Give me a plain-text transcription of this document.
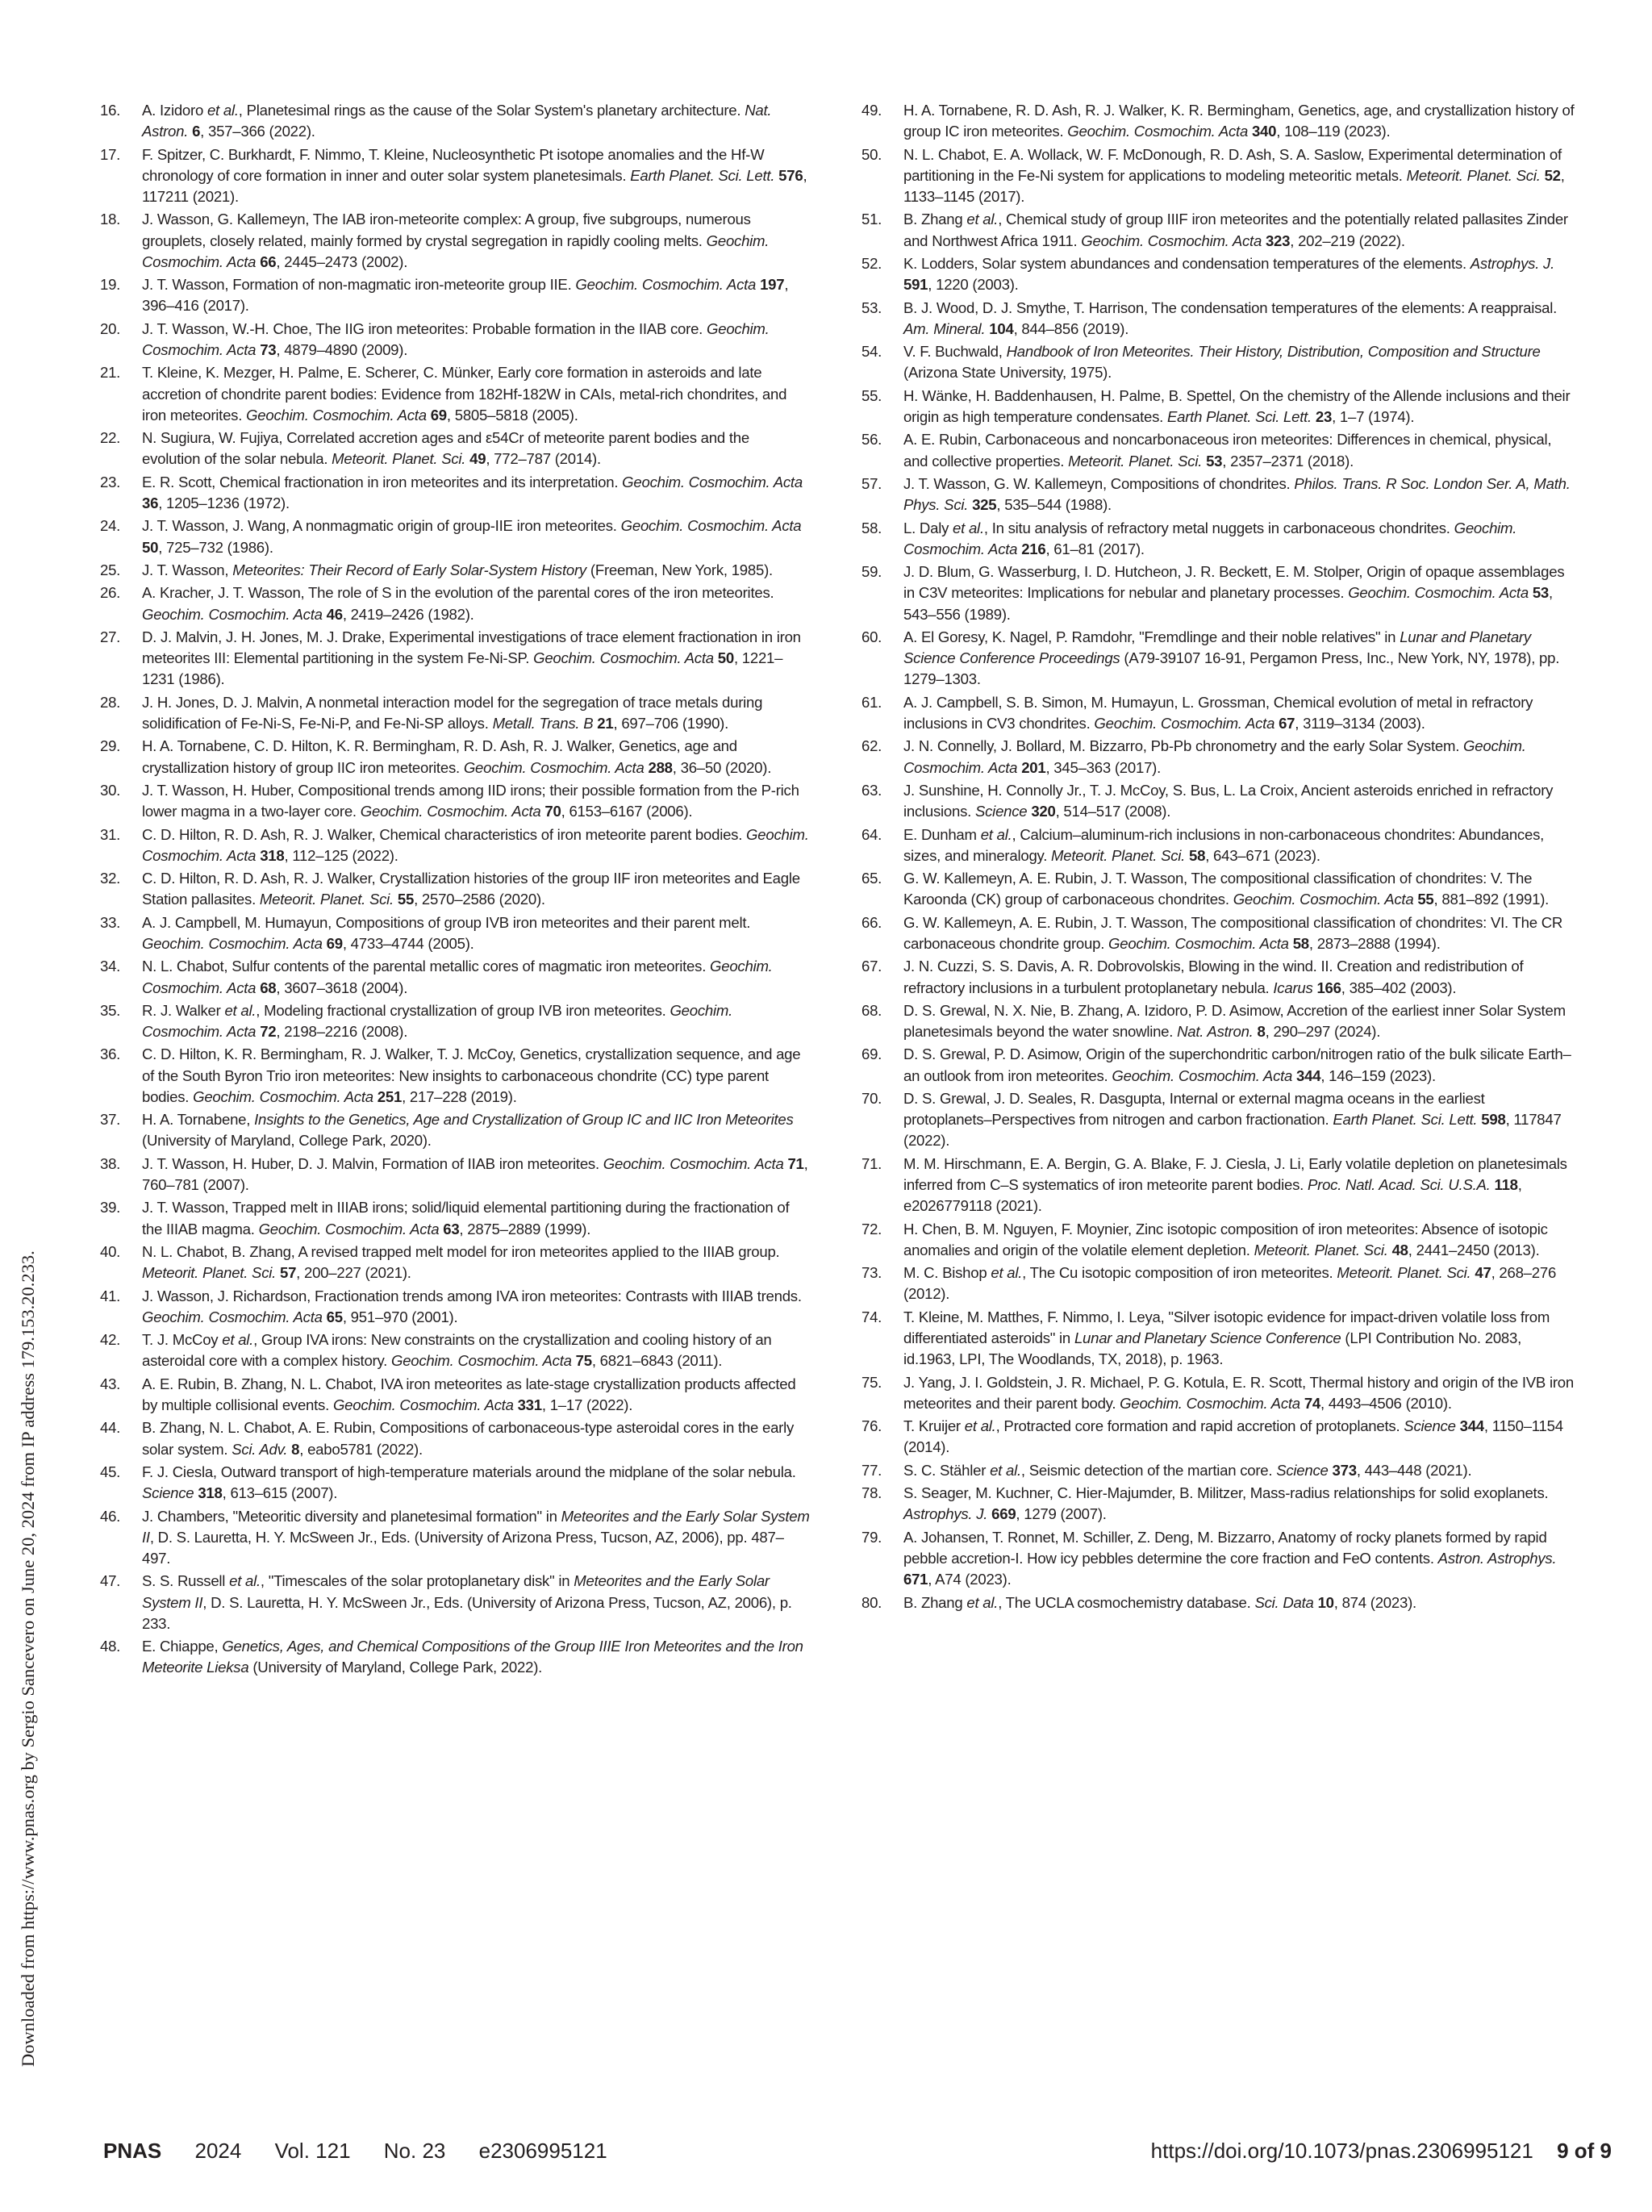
Downloaded from https://www.pnas.org by Sergio Sancevero on June 20, 2024 from IP address 179.153.20.233.
16. A. Izidoro et al., Planetesimal rings as the cause of the Solar System's planetary architecture. Nat. Astron. 6, 357–366 (2022).
17. F. Spitzer, C. Burkhardt, F. Nimmo, T. Kleine, Nucleosynthetic Pt isotope anomalies and the Hf-W chronology of core formation in inner and outer solar system planetesimals. Earth Planet. Sci. Lett. 576, 117211 (2021).
18. J. Wasson, G. Kallemeyn, The IAB iron-meteorite complex: A group, five subgroups, numerous grouplets, closely related, mainly formed by crystal segregation in rapidly cooling melts. Geochim. Cosmochim. Acta 66, 2445–2473 (2002).
19. J. T. Wasson, Formation of non-magmatic iron-meteorite group IIE. Geochim. Cosmochim. Acta 197, 396–416 (2017).
20. J. T. Wasson, W.-H. Choe, The IIG iron meteorites: Probable formation in the IIAB core. Geochim. Cosmochim. Acta 73, 4879–4890 (2009).
21. T. Kleine, K. Mezger, H. Palme, E. Scherer, C. Münker, Early core formation in asteroids and late accretion of chondrite parent bodies: Evidence from 182Hf-182W in CAIs, metal-rich chondrites, and iron meteorites. Geochim. Cosmochim. Acta 69, 5805–5818 (2005).
22. N. Sugiura, W. Fujiya, Correlated accretion ages and ε54Cr of meteorite parent bodies and the evolution of the solar nebula. Meteorit. Planet. Sci. 49, 772–787 (2014).
23. E. R. Scott, Chemical fractionation in iron meteorites and its interpretation. Geochim. Cosmochim. Acta 36, 1205–1236 (1972).
24. J. T. Wasson, J. Wang, A nonmagmatic origin of group-IIE iron meteorites. Geochim. Cosmochim. Acta 50, 725–732 (1986).
25. J. T. Wasson, Meteorites: Their Record of Early Solar-System History (Freeman, New York, 1985).
26. A. Kracher, J. T. Wasson, The role of S in the evolution of the parental cores of the iron meteorites. Geochim. Cosmochim. Acta 46, 2419–2426 (1982).
27. D. J. Malvin, J. H. Jones, M. J. Drake, Experimental investigations of trace element fractionation in iron meteorites III: Elemental partitioning in the system Fe-Ni-SP. Geochim. Cosmochim. Acta 50, 1221–1231 (1986).
28. J. H. Jones, D. J. Malvin, A nonmetal interaction model for the segregation of trace metals during solidification of Fe-Ni-S, Fe-Ni-P, and Fe-Ni-SP alloys. Metall. Trans. B 21, 697–706 (1990).
29. H. A. Tornabene, C. D. Hilton, K. R. Bermingham, R. D. Ash, R. J. Walker, Genetics, age and crystallization history of group IIC iron meteorites. Geochim. Cosmochim. Acta 288, 36–50 (2020).
30. J. T. Wasson, H. Huber, Compositional trends among IID irons; their possible formation from the P-rich lower magma in a two-layer core. Geochim. Cosmochim. Acta 70, 6153–6167 (2006).
31. C. D. Hilton, R. D. Ash, R. J. Walker, Chemical characteristics of iron meteorite parent bodies. Geochim. Cosmochim. Acta 318, 112–125 (2022).
32. C. D. Hilton, R. D. Ash, R. J. Walker, Crystallization histories of the group IIF iron meteorites and Eagle Station pallasites. Meteorit. Planet. Sci. 55, 2570–2586 (2020).
33. A. J. Campbell, M. Humayun, Compositions of group IVB iron meteorites and their parent melt. Geochim. Cosmochim. Acta 69, 4733–4744 (2005).
34. N. L. Chabot, Sulfur contents of the parental metallic cores of magmatic iron meteorites. Geochim. Cosmochim. Acta 68, 3607–3618 (2004).
35. R. J. Walker et al., Modeling fractional crystallization of group IVB iron meteorites. Geochim. Cosmochim. Acta 72, 2198–2216 (2008).
36. C. D. Hilton, K. R. Bermingham, R. J. Walker, T. J. McCoy, Genetics, crystallization sequence, and age of the South Byron Trio iron meteorites: New insights to carbonaceous chondrite (CC) type parent bodies. Geochim. Cosmochim. Acta 251, 217–228 (2019).
37. H. A. Tornabene, Insights to the Genetics, Age and Crystallization of Group IC and IIC Iron Meteorites (University of Maryland, College Park, 2020).
38. J. T. Wasson, H. Huber, D. J. Malvin, Formation of IIAB iron meteorites. Geochim. Cosmochim. Acta 71, 760–781 (2007).
39. J. T. Wasson, Trapped melt in IIIAB irons; solid/liquid elemental partitioning during the fractionation of the IIIAB magma. Geochim. Cosmochim. Acta 63, 2875–2889 (1999).
40. N. L. Chabot, B. Zhang, A revised trapped melt model for iron meteorites applied to the IIIAB group. Meteorit. Planet. Sci. 57, 200–227 (2021).
41. J. Wasson, J. Richardson, Fractionation trends among IVA iron meteorites: Contrasts with IIIAB trends. Geochim. Cosmochim. Acta 65, 951–970 (2001).
42. T. J. McCoy et al., Group IVA irons: New constraints on the crystallization and cooling history of an asteroidal core with a complex history. Geochim. Cosmochim. Acta 75, 6821–6843 (2011).
43. A. E. Rubin, B. Zhang, N. L. Chabot, IVA iron meteorites as late-stage crystallization products affected by multiple collisional events. Geochim. Cosmochim. Acta 331, 1–17 (2022).
44. B. Zhang, N. L. Chabot, A. E. Rubin, Compositions of carbonaceous-type asteroidal cores in the early solar system. Sci. Adv. 8, eabo5781 (2022).
45. F. J. Ciesla, Outward transport of high-temperature materials around the midplane of the solar nebula. Science 318, 613–615 (2007).
46. J. Chambers, "Meteoritic diversity and planetesimal formation" in Meteorites and the Early Solar System II, D. S. Lauretta, H. Y. McSween Jr., Eds. (University of Arizona Press, Tucson, AZ, 2006), pp. 487–497.
47. S. S. Russell et al., "Timescales of the solar protoplanetary disk" in Meteorites and the Early Solar System II, D. S. Lauretta, H. Y. McSween Jr., Eds. (University of Arizona Press, Tucson, AZ, 2006), p. 233.
48. E. Chiappe, Genetics, Ages, and Chemical Compositions of the Group IIIE Iron Meteorites and the Iron Meteorite Lieksa (University of Maryland, College Park, 2022).
49. H. A. Tornabene, R. D. Ash, R. J. Walker, K. R. Bermingham, Genetics, age, and crystallization history of group IC iron meteorites. Geochim. Cosmochim. Acta 340, 108–119 (2023).
50. N. L. Chabot, E. A. Wollack, W. F. McDonough, R. D. Ash, S. A. Saslow, Experimental determination of partitioning in the Fe-Ni system for applications to modeling meteoritic metals. Meteorit. Planet. Sci. 52, 1133–1145 (2017).
51. B. Zhang et al., Chemical study of group IIIF iron meteorites and the potentially related pallasites Zinder and Northwest Africa 1911. Geochim. Cosmochim. Acta 323, 202–219 (2022).
52. K. Lodders, Solar system abundances and condensation temperatures of the elements. Astrophys. J. 591, 1220 (2003).
53. B. J. Wood, D. J. Smythe, T. Harrison, The condensation temperatures of the elements: A reappraisal. Am. Mineral. 104, 844–856 (2019).
54. V. F. Buchwald, Handbook of Iron Meteorites. Their History, Distribution, Composition and Structure (Arizona State University, 1975).
55. H. Wänke, H. Baddenhausen, H. Palme, B. Spettel, On the chemistry of the Allende inclusions and their origin as high temperature condensates. Earth Planet. Sci. Lett. 23, 1–7 (1974).
56. A. E. Rubin, Carbonaceous and noncarbonaceous iron meteorites: Differences in chemical, physical, and collective properties. Meteorit. Planet. Sci. 53, 2357–2371 (2018).
57. J. T. Wasson, G. W. Kallemeyn, Compositions of chondrites. Philos. Trans. R Soc. London Ser. A, Math. Phys. Sci. 325, 535–544 (1988).
58. L. Daly et al., In situ analysis of refractory metal nuggets in carbonaceous chondrites. Geochim. Cosmochim. Acta 216, 61–81 (2017).
59. J. D. Blum, G. Wasserburg, I. D. Hutcheon, J. R. Beckett, E. M. Stolper, Origin of opaque assemblages in C3V meteorites: Implications for nebular and planetary processes. Geochim. Cosmochim. Acta 53, 543–556 (1989).
60. A. El Goresy, K. Nagel, P. Ramdohr, "Fremdlinge and their noble relatives" in Lunar and Planetary Science Conference Proceedings (A79-39107 16-91, Pergamon Press, Inc., New York, NY, 1978), pp. 1279–1303.
61. A. J. Campbell, S. B. Simon, M. Humayun, L. Grossman, Chemical evolution of metal in refractory inclusions in CV3 chondrites. Geochim. Cosmochim. Acta 67, 3119–3134 (2003).
62. J. N. Connelly, J. Bollard, M. Bizzarro, Pb-Pb chronometry and the early Solar System. Geochim. Cosmochim. Acta 201, 345–363 (2017).
63. J. Sunshine, H. Connolly Jr., T. J. McCoy, S. Bus, L. La Croix, Ancient asteroids enriched in refractory inclusions. Science 320, 514–517 (2008).
64. E. Dunham et al., Calcium–aluminum-rich inclusions in non-carbonaceous chondrites: Abundances, sizes, and mineralogy. Meteorit. Planet. Sci. 58, 643–671 (2023).
65. G. W. Kallemeyn, A. E. Rubin, J. T. Wasson, The compositional classification of chondrites: V. The Karoonda (CK) group of carbonaceous chondrites. Geochim. Cosmochim. Acta 55, 881–892 (1991).
66. G. W. Kallemeyn, A. E. Rubin, J. T. Wasson, The compositional classification of chondrites: VI. The CR carbonaceous chondrite group. Geochim. Cosmochim. Acta 58, 2873–2888 (1994).
67. J. N. Cuzzi, S. S. Davis, A. R. Dobrovolskis, Blowing in the wind. II. Creation and redistribution of refractory inclusions in a turbulent protoplanetary nebula. Icarus 166, 385–402 (2003).
68. D. S. Grewal, N. X. Nie, B. Zhang, A. Izidoro, P. D. Asimow, Accretion of the earliest inner Solar System planetesimals beyond the water snowline. Nat. Astron. 8, 290–297 (2024).
69. D. S. Grewal, P. D. Asimow, Origin of the superchondritic carbon/nitrogen ratio of the bulk silicate Earth–an outlook from iron meteorites. Geochim. Cosmochim. Acta 344, 146–159 (2023).
70. D. S. Grewal, J. D. Seales, R. Dasgupta, Internal or external magma oceans in the earliest protoplanets–Perspectives from nitrogen and carbon fractionation. Earth Planet. Sci. Lett. 598, 117847 (2022).
71. M. M. Hirschmann, E. A. Bergin, G. A. Blake, F. J. Ciesla, J. Li, Early volatile depletion on planetesimals inferred from C–S systematics of iron meteorite parent bodies. Proc. Natl. Acad. Sci. U.S.A. 118, e2026779118 (2021).
72. H. Chen, B. M. Nguyen, F. Moynier, Zinc isotopic composition of iron meteorites: Absence of isotopic anomalies and origin of the volatile element depletion. Meteorit. Planet. Sci. 48, 2441–2450 (2013).
73. M. C. Bishop et al., The Cu isotopic composition of iron meteorites. Meteorit. Planet. Sci. 47, 268–276 (2012).
74. T. Kleine, M. Matthes, F. Nimmo, I. Leya, "Silver isotopic evidence for impact-driven volatile loss from differentiated asteroids" in Lunar and Planetary Science Conference (LPI Contribution No. 2083, id.1963, LPI, The Woodlands, TX, 2018), p. 1963.
75. J. Yang, J. I. Goldstein, J. R. Michael, P. G. Kotula, E. R. Scott, Thermal history and origin of the IVB iron meteorites and their parent body. Geochim. Cosmochim. Acta 74, 4493–4506 (2010).
76. T. Kruijer et al., Protracted core formation and rapid accretion of protoplanets. Science 344, 1150–1154 (2014).
77. S. C. Stähler et al., Seismic detection of the martian core. Science 373, 443–448 (2021).
78. S. Seager, M. Kuchner, C. Hier-Majumder, B. Militzer, Mass-radius relationships for solid exoplanets. Astrophys. J. 669, 1279 (2007).
79. A. Johansen, T. Ronnet, M. Schiller, Z. Deng, M. Bizzarro, Anatomy of rocky planets formed by rapid pebble accretion-I. How icy pebbles determine the core fraction and FeO contents. Astron. Astrophys. 671, A74 (2023).
80. B. Zhang et al., The UCLA cosmochemistry database. Sci. Data 10, 874 (2023).
PNAS 2024 Vol. 121 No. 23 e2306995121	https://doi.org/10.1073/pnas.2306995121 9 of 9
